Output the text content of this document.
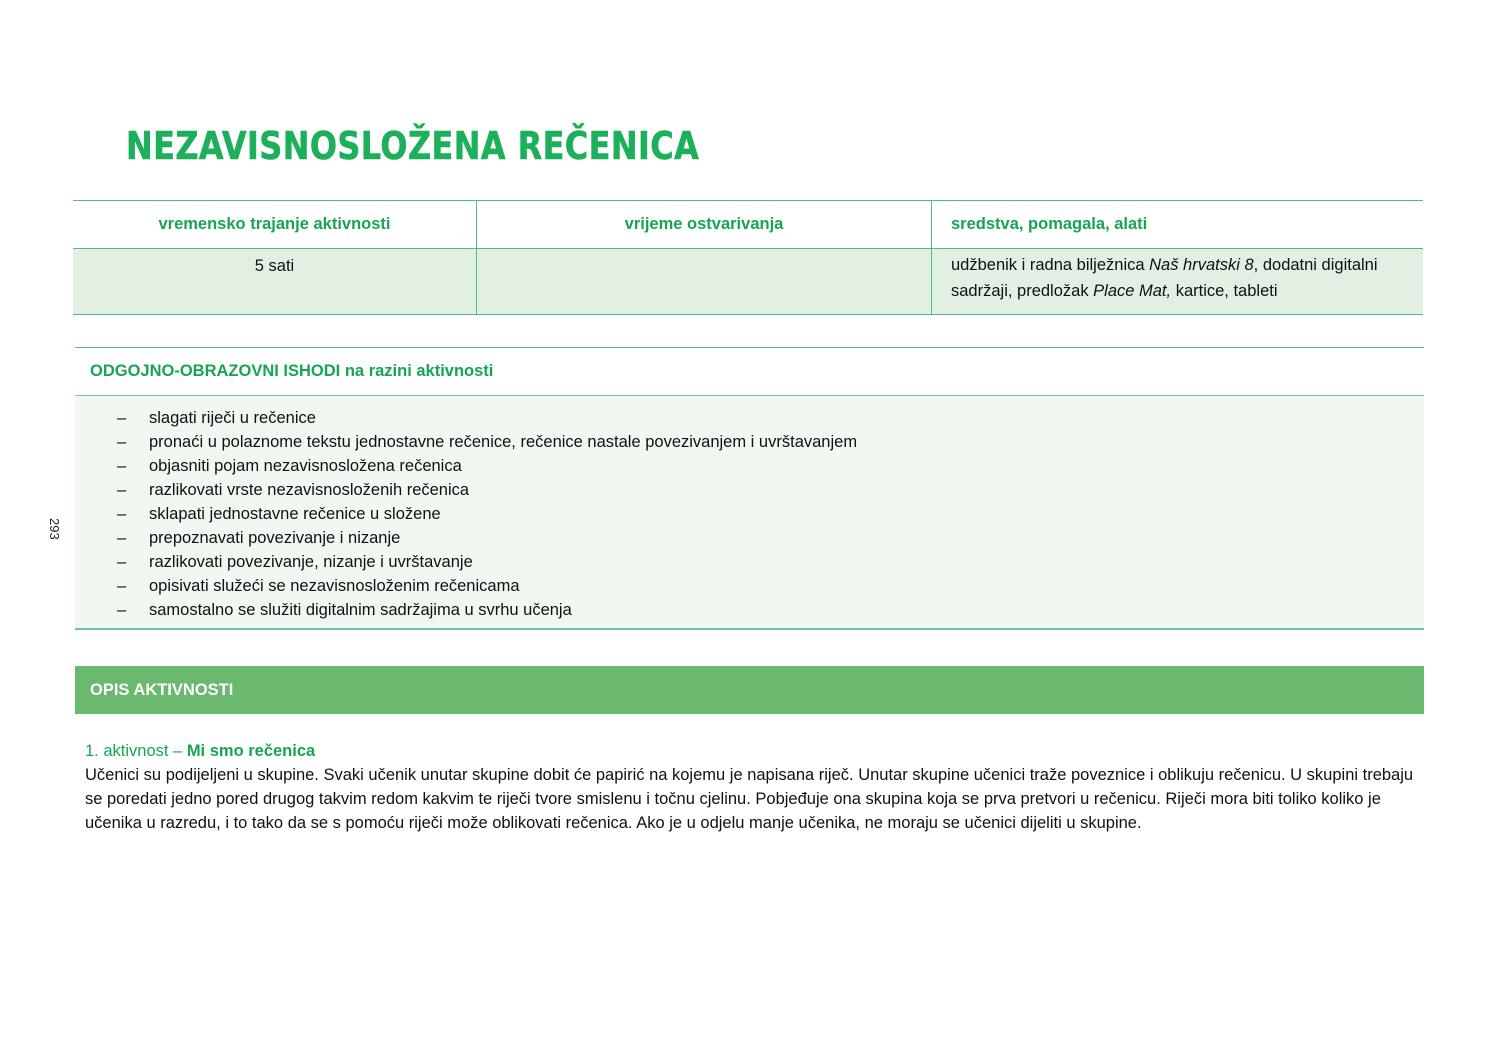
293
NEZAVISNOSLOŽENA REČENICA
vremensko trajanje aktivnosti	vrijeme ostvarivanja	sredstva, pomagala, alati
5 sati		udžbenik i radna bilježnica Naš hrvatski 8, dodatni digitalni sadržaji, predložak Place Mat, kartice, tableti
ODGOJNO-OBRAZOVNI ISHODI na razini aktivnosti
–	slagati riječi u rečenice
–	pronaći u polaznome tekstu jednostavne rečenice, rečenice nastale povezivanjem i uvrštavanjem
–	objasniti pojam nezavisnosložena rečenica
–	razlikovati vrste nezavisnosloženih rečenica
–	sklapati jednostavne rečenice u složene
–	prepoznavati povezivanje i nizanje
–	razlikovati povezivanje, nizanje i uvrštavanje
–	opisivati služeći se nezavisnosloženim rečenicama
–	samostalno se služiti digitalnim sadržajima u svrhu učenja
OPIS AKTIVNOSTI
1. aktivnost – Mi smo rečenica
Učenici su podijeljeni u skupine. Svaki učenik unutar skupine dobit će papirić na kojemu je napisana riječ. Unutar skupine učenici traže poveznice i oblikuju rečenicu. U skupini trebaju se poredati jedno pored drugog takvim redom kakvim te riječi tvore smislenu i točnu cjelinu. Pobjeđuje ona skupina koja se prva pretvori u rečenicu. Riječi mora biti toliko koliko je učenika u razredu, i to tako da se s pomoću riječi može oblikovati rečenica. Ako je u odjelu manje učenika, ne moraju se učenici dijeliti u skupine.
